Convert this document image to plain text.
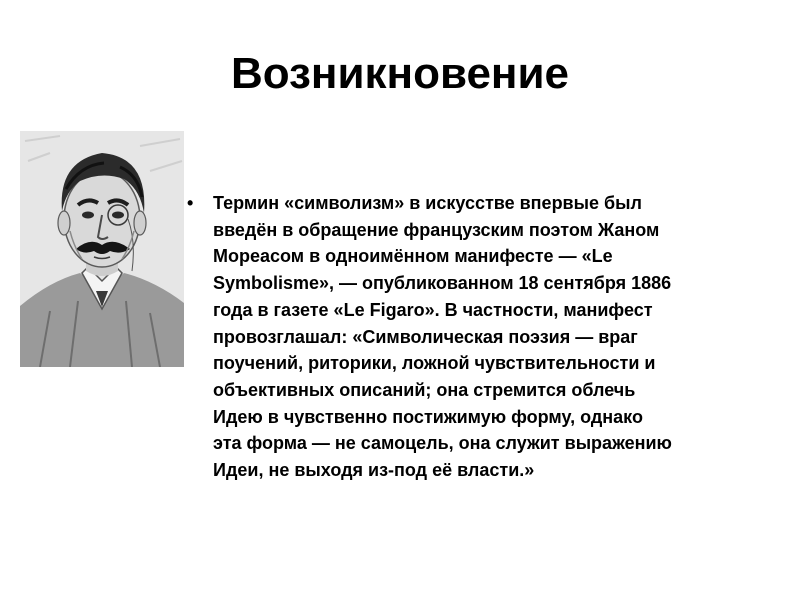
Возникновение
• Термин «символизм» в искусстве впервые был
введён в обращение французским поэтом Жаном
Мореасом в одноимённом манифесте — «Le
Symbolisme», — опубликованном 18 сентября 1886
года в газете «Le Figaro». В частности, манифест
провозглашал: «Символическая поэзия — враг
поучений, риторики, ложной чувствительности и
объективных описаний; она стремится облечь
Идею в чувственно постижимую форму, однако
эта форма — не самоцель, она служит выражению
Идеи, не выходя из-под её власти.»
